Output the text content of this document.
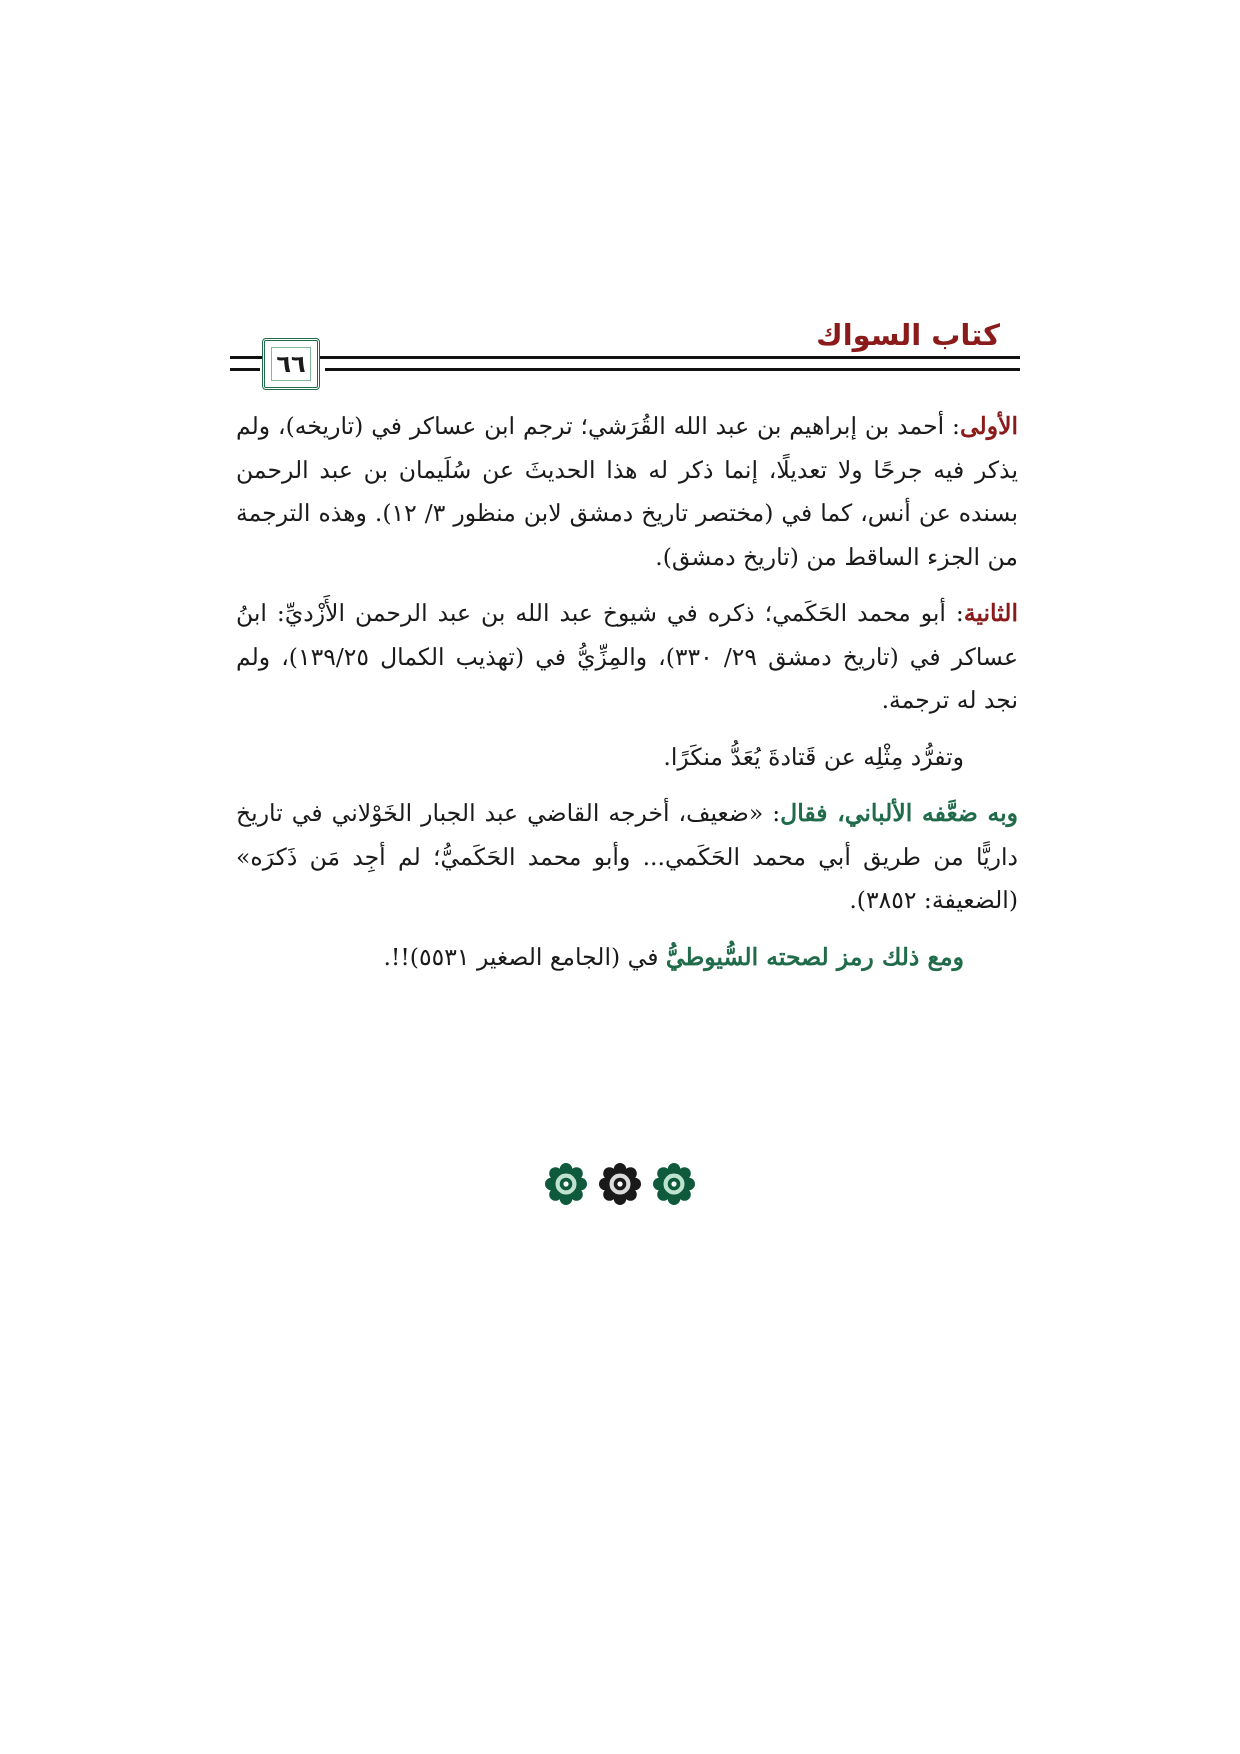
كتاب السواك
٦٦

الأولى: أحمد بن إبراهيم بن عبد الله القُرَشي؛ ترجم ابن عساكر في (تاريخه)، ولم يذكر فيه جرحًا ولا تعديلًا، إنما ذكر له هذا الحديثَ عن سُلَيمان بن عبد الرحمن بسنده عن أنس، كما في (مختصر تاريخ دمشق لابن منظور ٣/ ١٢). وهذه الترجمة من الجزء الساقط من (تاريخ دمشق).

الثانية: أبو محمد الحَكَمي؛ ذكره في شيوخ عبد الله بن عبد الرحمن الأَزْديِّ: ابنُ عساكر في (تاريخ دمشق ٢٩/ ٣٣٠)، والمِزِّيُّ في (تهذيب الكمال ١٣٩/٢٥)، ولم نجد له ترجمة.

وتفرُّد مِثْلِه عن قَتادةَ يُعَدُّ منكَرًا.

وبه ضعَّفه الألباني، فقال: «ضعيف، أخرجه القاضي عبد الجبار الخَوْلاني في تاريخ داريًّا من طريق أبي محمد الحَكَمي... وأبو محمد الحَكَميُّ؛ لم أجِد مَن ذَكرَه» (الضعيفة: ٣٨٥٢).

ومع ذلك رمز لصحته السُّيوطيُّ في (الجامع الصغير ٥٥٣١)!!.
